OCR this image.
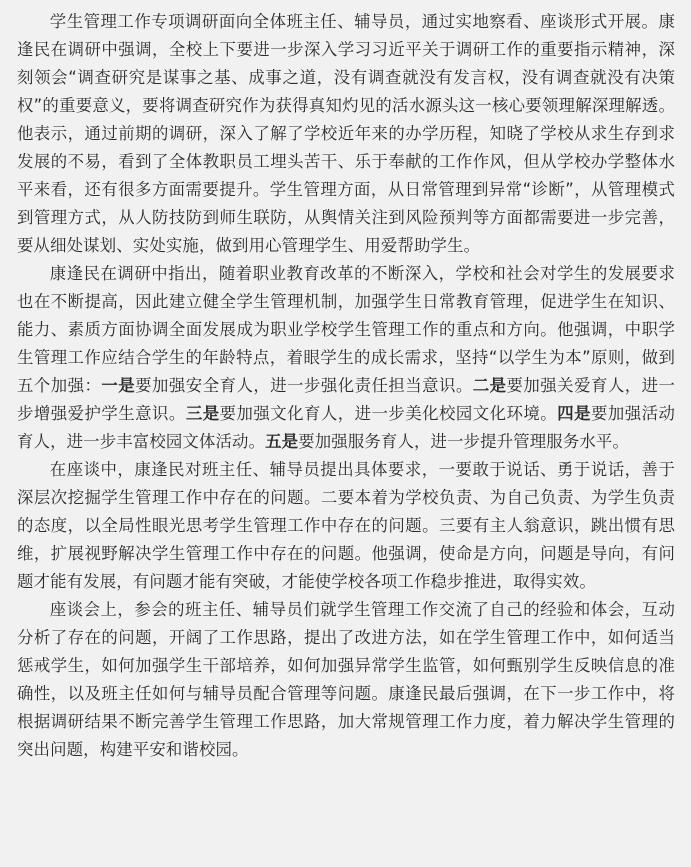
学生管理工作专项调研面向全体班主任、辅导员，通过实地察看、座谈形式开展。康逢民在调研中强调，全校上下要进一步深入学习习近平关于调研工作的重要指示精神，深刻领会“调查研究是谋事之基、成事之道，没有调查就没有发言权，没有调查就没有决策权”的重要意义，要将调查研究作为获得真知灼见的活水源头这一核心要领理解深理解透。他表示，通过前期的调研，深入了解了学校近年来的办学历程，知晓了学校从求生存到求发展的不易，看到了全体教职员工埋头苦干、乐于奉献的工作作风，但从学校办学整体水平来看，还有很多方面需要提升。学生管理方面，从日常管理到异常“诊断”，从管理模式到管理方式，从人防技防到师生联防，从舆情关注到风险预判等方面都需要进一步完善，要从细处谋划、实处实施，做到用心管理学生、用爱帮助学生。

康逢民在调研中指出，随着职业教育改革的不断深入，学校和社会对学生的发展要求也在不断提高，因此建立健全学生管理机制，加强学生日常教育管理，促进学生在知识、能力、素质方面协调全面发展成为职业学校学生管理工作的重点和方向。他强调，中职学生管理工作应结合学生的年龄特点，着眼学生的成长需求，坚持“以学生为本”原则，做到五个加强：一是要加强安全育人，进一步强化责任担当意识。二是要加强关爱育人，进一步增强爱护学生意识。三是要加强文化育人，进一步美化校园文化环境。四是要加强活动育人，进一步丰富校园文体活动。五是要加强服务育人，进一步提升管理服务水平。

在座谈中，康逢民对班主任、辅导员提出具体要求，一要敢于说话、勇于说话，善于深层次挖掘学生管理工作中存在的问题。二要本着为学校负责、为自己负责、为学生负责的态度，以全局性眼光思考学生管理工作中存在的问题。三要有主人翁意识，跳出惯有思维，扩展视野解决学生管理工作中存在的问题。他强调，使命是方向，问题是导向，有问题才能有发展，有问题才能有突破，才能使学校各项工作稳步推进，取得实效。

座谈会上，参会的班主任、辅导员们就学生管理工作交流了自己的经验和体会，互动分析了存在的问题，开阔了工作思路，提出了改进方法，如在学生管理工作中，如何适当惩戒学生，如何加强学生干部培养，如何加强异常学生监管，如何甄别学生反映信息的准确性，以及班主任如何与辅导员配合管理等问题。康逢民最后强调，在下一步工作中，将根据调研结果不断完善学生管理工作思路，加大常规管理工作力度，着力解决学生管理的突出问题，构建平安和谐校园。
